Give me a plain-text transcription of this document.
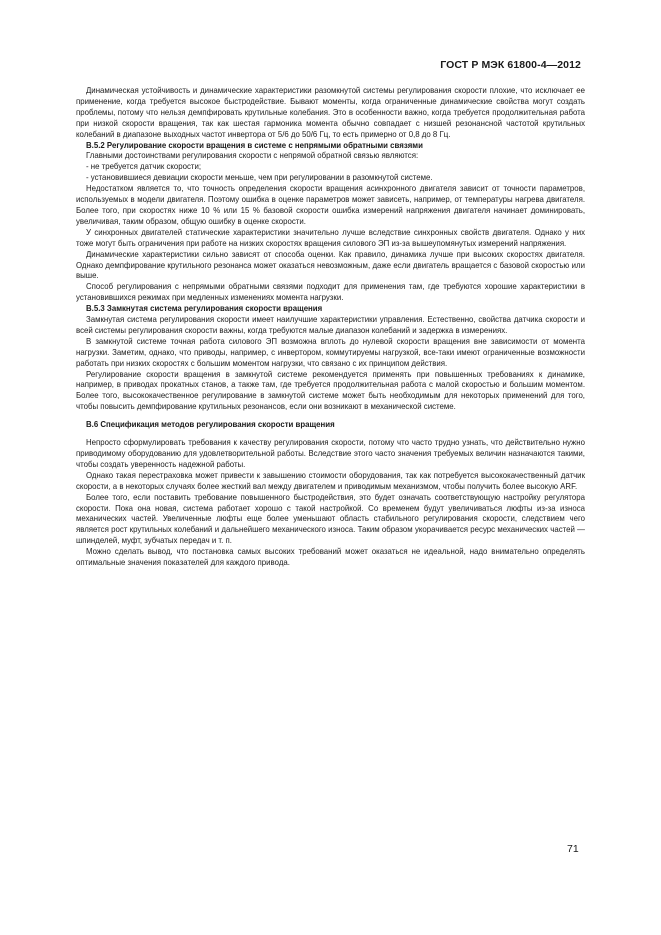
ГОСТ Р МЭК 61800-4—2012

Динамическая устойчивость и динамические характеристики разомкнутой системы регулирования скорости плохие, что исключает ее применение, когда требуется высокое быстродействие. Бывают моменты, когда ограниченные динамические свойства могут создать проблемы, потому что нельзя демпфировать крутильные колебания. Это в особенности важно, когда требуется продолжительная работа при низкой скорости вращения, так как шестая гармоника момента обычно совпадает с низшей резонансной частотой крутильных колебаний в диапазоне выходных частот инвертора от 5/6 до 50/6 Гц, то есть примерно от 0,8 до 8 Гц.

В.5.2 Регулирование скорости вращения в системе с непрямыми обратными связями

Главными достоинствами регулирования скорости с непрямой обратной связью являются:

- не требуется датчик скорости;
- установившиеся девиации скорости меньше, чем при регулировании в разомкнутой системе.

Недостатком является то, что точность определения скорости вращения асинхронного двигателя зависит от точности параметров, используемых в модели двигателя. Поэтому ошибка в оценке параметров может зависеть, например, от температуры нагрева двигателя. Более того, при скоростях ниже 10 % или 15 % базовой скорости ошибка измерений напряжения двигателя начинает доминировать, увеличивая, таким образом, общую ошибку в оценке скорости.

У синхронных двигателей статические характеристики значительно лучше вследствие синхронных свойств двигателя. Однако у них тоже могут быть ограничения при работе на низких скоростях вращения силового ЭП из-за вышеупомянутых измерений напряжения.

Динамические характеристики сильно зависят от способа оценки. Как правило, динамика лучше при высоких скоростях двигателя. Однако демпфирование крутильного резонанса может оказаться невозможным, даже если двигатель вращается с базовой скоростью или выше.

Способ регулирования с непрямыми обратными связями подходит для применения там, где требуются хорошие характеристики в установившихся режимах при медленных изменениях момента нагрузки.

В.5.3 Замкнутая система регулирования скорости вращения

Замкнутая система регулирования скорости имеет наилучшие характеристики управления. Естественно, свойства датчика скорости и всей системы регулирования скорости важны, когда требуются малые диапазон колебаний и задержка в измерениях.

В замкнутой системе точная работа силового ЭП возможна вплоть до нулевой скорости вращения вне зависимости от момента нагрузки. Заметим, однако, что приводы, например, с инвертором, коммутируемы нагрузкой, все-таки имеют ограниченные возможности работать при низких скоростях с большим моментом нагрузки, что связано с их принципом действия.

Регулирование скорости вращения в замкнутой системе рекомендуется применять при повышенных требованиях к динамике, например, в приводах прокатных станов, а также там, где требуется продолжительная работа с малой скоростью и большим моментом. Более того, высококачественное регулирование в замкнутой системе может быть необходимым для некоторых применений для того, чтобы повысить демпфирование крутильных резонансов, если они возникают в механической системе.

В.6 Спецификация методов регулирования скорости вращения

Непросто сформулировать требования к качеству регулирования скорости, потому что часто трудно узнать, что действительно нужно приводимому оборудованию для удовлетворительной работы. Вследствие этого часто значения требуемых величин назначаются такими, чтобы создать уверенность надежной работы.

Однако такая перестраховка может привести к завышению стоимости оборудования, так как потребуется высококачественный датчик скорости, а в некоторых случаях более жесткий вал между двигателем и приводимым механизмом, чтобы получить более высокую ARF.

Более того, если поставить требование повышенного быстродействия, это будет означать соответствующую настройку регулятора скорости. Пока она новая, система работает хорошо с такой настройкой. Со временем будут увеличиваться люфты из-за износа механических частей. Увеличенные люфты еще более уменьшают область стабильного регулирования скорости, следствием чего является рост крутильных колебаний и дальнейшего механического износа. Таким образом укорачивается ресурс механических частей — шпинделей, муфт, зубчатых передач и т. п.

Можно сделать вывод, что постановка самых высоких требований может оказаться не идеальной, надо внимательно определять оптимальные значения показателей для каждого привода.

71
